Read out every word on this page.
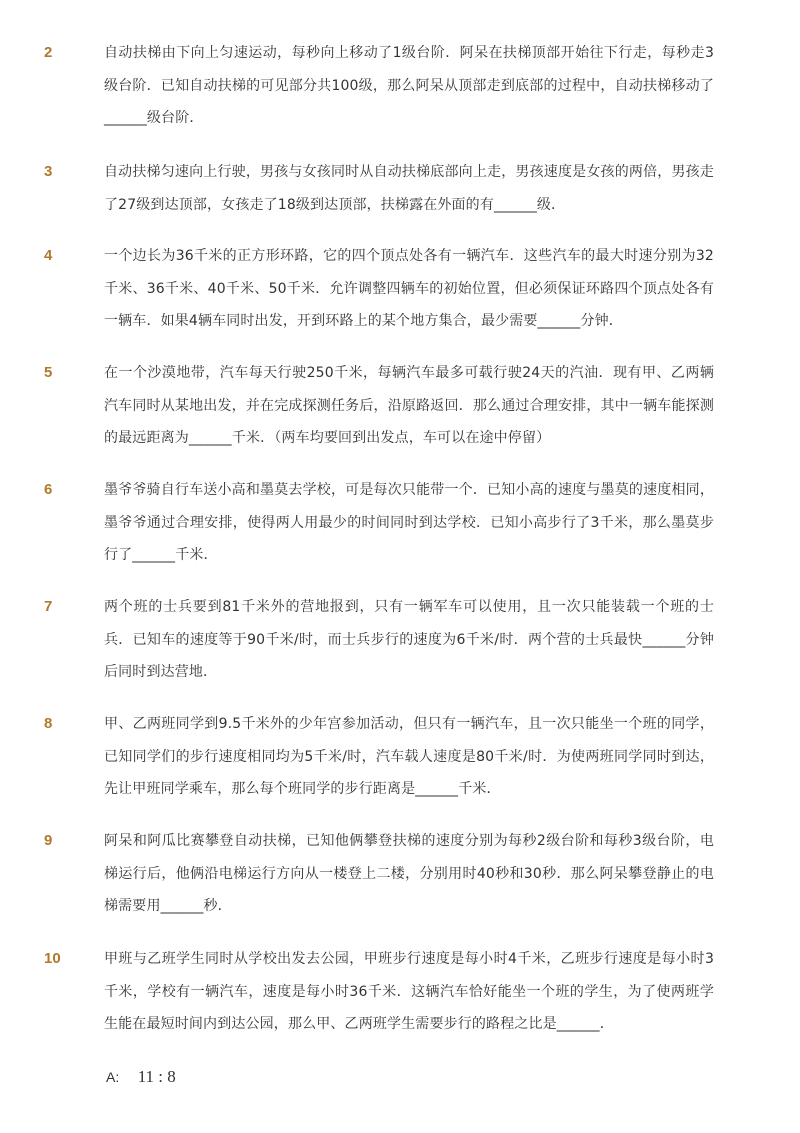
2	自动扶梯由下向上匀速运动，每秒向上移动了1级台阶．阿呆在扶梯顶部开始往下行走，每秒走3级台阶．已知自动扶梯的可见部分共100级，那么阿呆从顶部走到底部的过程中，自动扶梯移动了______级台阶．
3	自动扶梯匀速向上行驶，男孩与女孩同时从自动扶梯底部向上走，男孩速度是女孩的两倍，男孩走了27级到达顶部，女孩走了18级到达顶部，扶梯露在外面的有______级．
4	一个边长为36千米的正方形环路，它的四个顶点处各有一辆汽车．这些汽车的最大时速分别为32千米、36千米、40千米、50千米．允许调整四辆车的初始位置，但必须保证环路四个顶点处各有一辆车．如果4辆车同时出发，开到环路上的某个地方集合，最少需要______分钟．
5	在一个沙漠地带，汽车每天行驶250千米，每辆汽车最多可载行驶24天的汽油．现有甲、乙两辆汽车同时从某地出发，并在完成探测任务后，沿原路返回．那么通过合理安排，其中一辆车能探测的最远距离为______千米．（两车均要回到出发点，车可以在途中停留）
6	墨爷爷骑自行车送小高和墨莫去学校，可是每次只能带一个．已知小高的速度与墨莫的速度相同，墨爷爷通过合理安排，使得两人用最少的时间同时到达学校．已知小高步行了3千米，那么墨莫步行了______千米．
7	两个班的士兵要到81千米外的营地报到，只有一辆军车可以使用，且一次只能装载一个班的士兵．已知车的速度等于90千米/时，而士兵步行的速度为6千米/时．两个营的士兵最快______分钟后同时到达营地．
8	甲、乙两班同学到9.5千米外的少年宫参加活动，但只有一辆汽车，且一次只能坐一个班的同学，已知同学们的步行速度相同均为5千米/时，汽车载人速度是80千米/时．为使两班同学同时到达，先让甲班同学乘车，那么每个班同学的步行距离是______千米．
9	阿呆和阿瓜比赛攀登自动扶梯，已知他俩攀登扶梯的速度分别为每秒2级台阶和每秒3级台阶，电梯运行后，他俩沿电梯运行方向从一楼登上二楼，分别用时40秒和30秒．那么阿呆攀登静止的电梯需要用______秒．
10	甲班与乙班学生同时从学校出发去公园，甲班步行速度是每小时4千米，乙班步行速度是每小时3千米，学校有一辆汽车，速度是每小时36千米．这辆汽车恰好能坐一个班的学生，为了使两班学生能在最短时间内到达公园，那么甲、乙两班学生需要步行的路程之比是______．
A: 11 : 8
